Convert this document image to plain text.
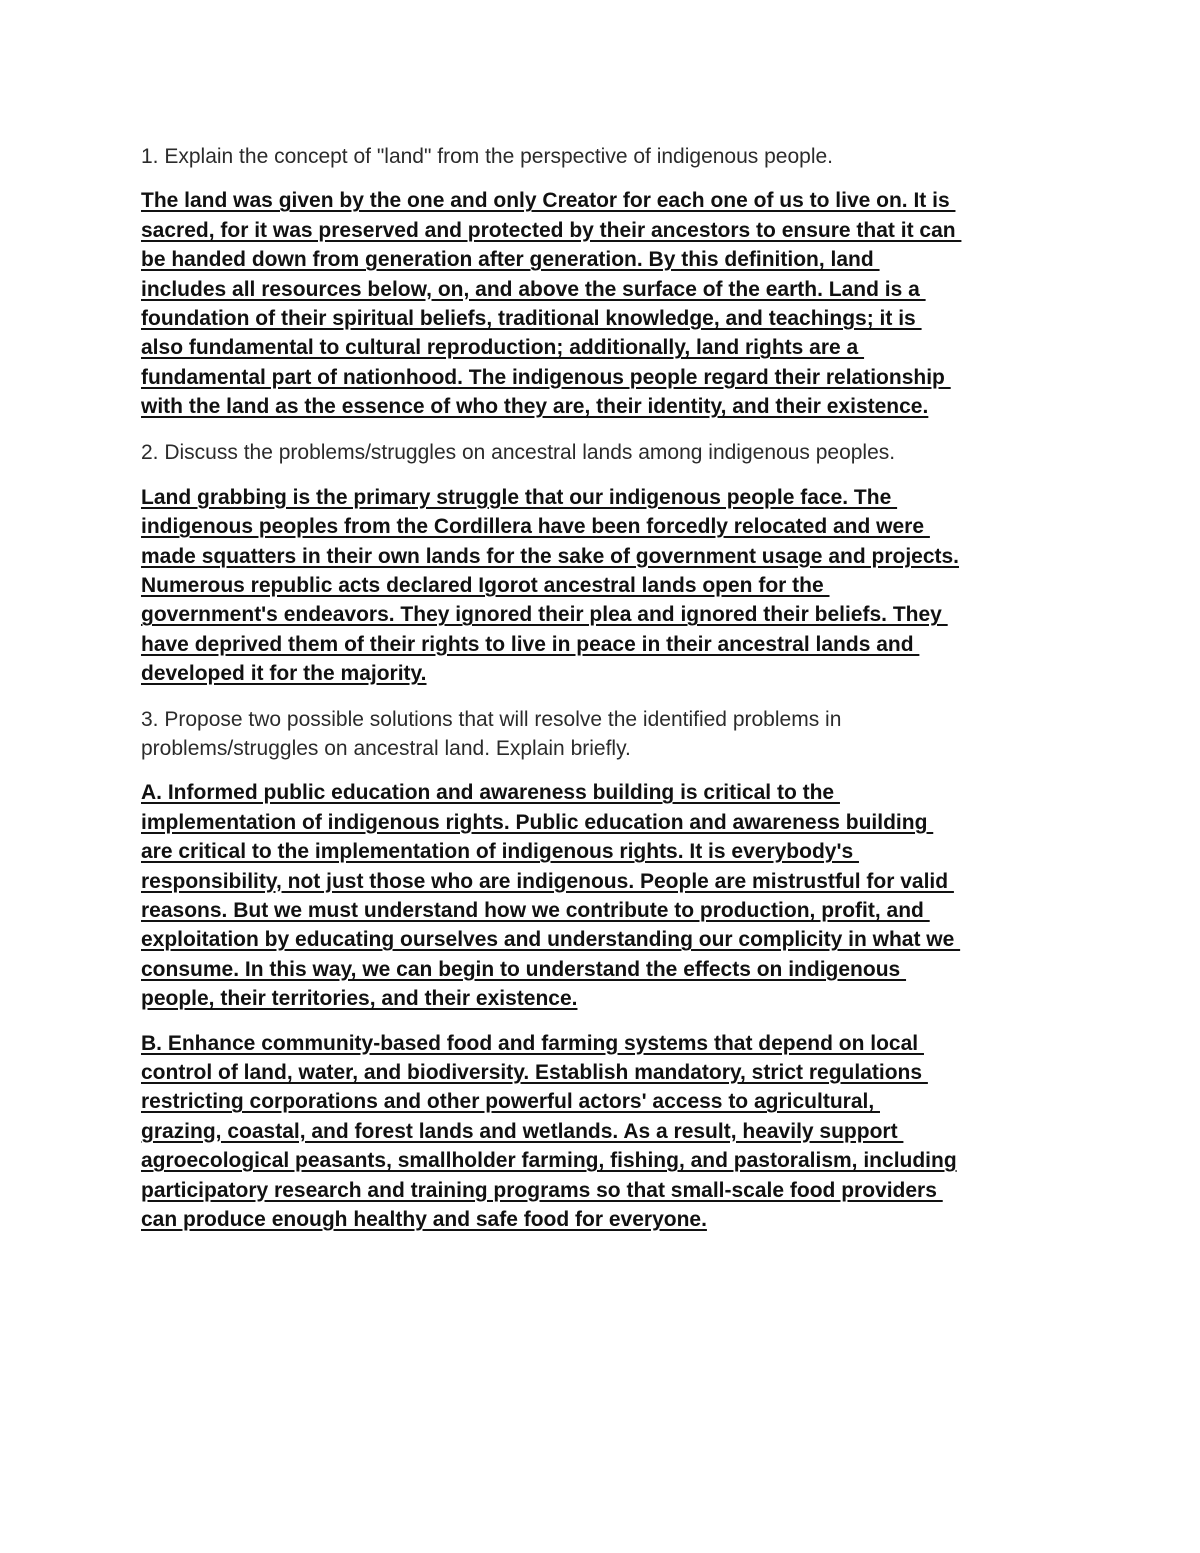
1. Explain the concept of "land" from the perspective of indigenous people.
The land was given by the one and only Creator for each one of us to live on. It is
sacred, for it was preserved and protected by their ancestors to ensure that it can
be handed down from generation after generation. By this definition, land
includes all resources below, on, and above the surface of the earth. Land is a
foundation of their spiritual beliefs, traditional knowledge, and teachings; it is
also fundamental to cultural reproduction; additionally, land rights are a
fundamental part of nationhood. The indigenous people regard their relationship
with the land as the essence of who they are, their identity, and their existence.
2. Discuss the problems/struggles on ancestral lands among indigenous peoples.
Land grabbing is the primary struggle that our indigenous people face. The
indigenous peoples from the Cordillera have been forcedly relocated and were
made squatters in their own lands for the sake of government usage and projects.
Numerous republic acts declared Igorot ancestral lands open for the
government's endeavors. They ignored their plea and ignored their beliefs. They
have deprived them of their rights to live in peace in their ancestral lands and
developed it for the majority.
3. Propose two possible solutions that will resolve the identified problems in
problems/struggles on ancestral land. Explain briefly.
A. Informed public education and awareness building is critical to the
implementation of indigenous rights. Public education and awareness building
are critical to the implementation of indigenous rights. It is everybody's
responsibility, not just those who are indigenous. People are mistrustful for valid
reasons. But we must understand how we contribute to production, profit, and
exploitation by educating ourselves and understanding our complicity in what we
consume. In this way, we can begin to understand the effects on indigenous
people, their territories, and their existence.
B. Enhance community-based food and farming systems that depend on local
control of land, water, and biodiversity. Establish mandatory, strict regulations
restricting corporations and other powerful actors' access to agricultural,
grazing, coastal, and forest lands and wetlands. As a result, heavily support
agroecological peasants, smallholder farming, fishing, and pastoralism, including
participatory research and training programs so that small-scale food providers
can produce enough healthy and safe food for everyone.
